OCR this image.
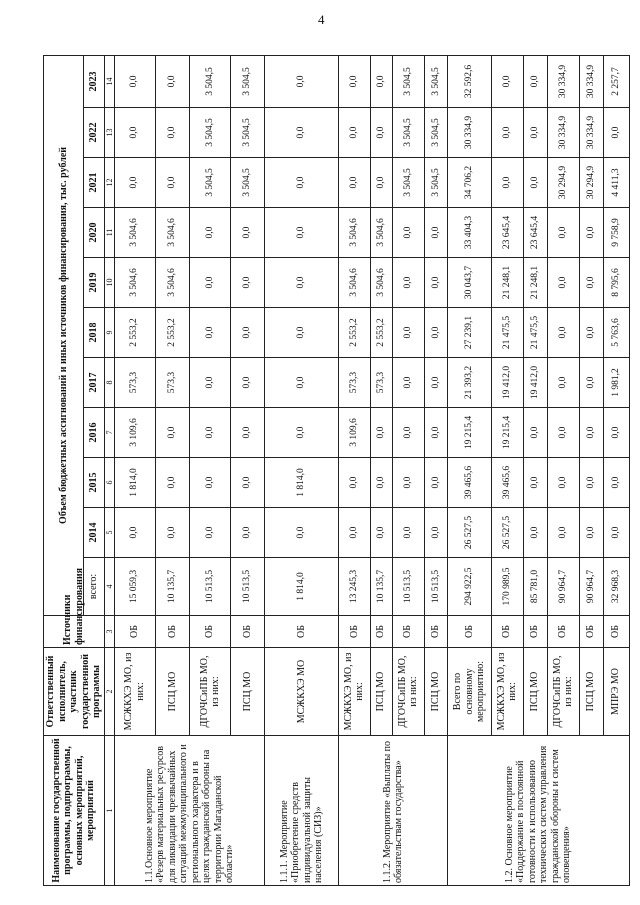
4
Наименование государственной программы, подпрограммы, основных мероприятий, мероприятий	Ответственный исполнитель, участник государственной программы	Источники финансирования	Объем бюджетных ассигнований и иных источников финансирования, тыс. рублей										
			всего:	2014	2015	2016	2017	2018	2019	2020	2021	2022	2023
1	2	3	4	5	6	7	8	9	10	11	12	13	14
1.1.Основное мероприятие «Резерв материальных ресурсов для ликвидации чрезвычайных ситуаций межмуниципального и регионального характера и в целях гражданской обороны на территории Магаданской области»	МСЖКХЭ МО, из них:	ОБ	15 059,3	0,0	1 814,0	3 109,6	573,3	2 553,2	3 504,6	3 504,6	0,0	0,0	0,0
	ПСЦ МО	ОБ	10 135,7	0,0	0,0	0,0	573,3	2 553,2	3 504,6	3 504,6	0,0	0,0	0,0
	ДГОЧСиПБ МО, из них:	ОБ	10 513,5	0,0	0,0	0,0	0,0	0,0	0,0	0,0	3 504,5	3 504,5	3 504,5
	ПСЦ МО	ОБ	10 513,5	0,0	0,0	0,0	0,0	0,0	0,0	0,0	3 504,5	3 504,5	3 504,5
1.1.1. Мероприятие «Приобретение средств индивидуальной защиты населения (СИЗ)»	МСЖКХЭ МО	ОБ	1 814,0	0,0	1 814,0	0,0	0,0	0,0	0,0	0,0	0,0	0,0	0,0
1.1.2. Мероприятие «Выплаты по обязательствам государства»	МСЖКХЭ МО, из них:	ОБ	13 245,3	0,0	0,0	3 109,6	573,3	2 553,2	3 504,6	3 504,6	0,0	0,0	0,0
	ПСЦ МО	ОБ	10 135,7	0,0	0,0	0,0	573,3	2 553,2	3 504,6	3 504,6	0,0	0,0	0,0
	ДГОЧСиПБ МО, из них:	ОБ	10 513,5	0,0	0,0	0,0	0,0	0,0	0,0	0,0	3 504,5	3 504,5	3 504,5
	ПСЦ МО	ОБ	10 513,5	0,0	0,0	0,0	0,0	0,0	0,0	0,0	3 504,5	3 504,5	3 504,5
1.2. Основное мероприятие «Поддержание в постоянной готовности к использованию технических систем управления гражданской обороны и систем оповещения»	Всего по основному мероприятию:	ОБ	294 922,5	26 527,5	39 465,6	19 215,4	21 393,2	27 239,1	30 043,7	33 404,3	34 706,2	30 334,9	32 592,6
	МСЖКХЭ МО, из них:	ОБ	170 989,5	26 527,5	39 465,6	19 215,4	19 412,0	21 475,5	21 248,1	23 645,4	0,0	0,0	0,0
	ПСЦ МО	ОБ	85 781,0	0,0	0,0	0,0	19 412,0	21 475,5	21 248,1	23 645,4	0,0	0,0	0,0
	ДГОЧСиПБ МО, из них:	ОБ	90 964,7	0,0	0,0	0,0	0,0	0,0	0,0	0,0	30 294,9	30 334,9	30 334,9
	ПСЦ МО	ОБ	90 964,7	0,0	0,0	0,0	0,0	0,0	0,0	0,0	30 294,9	30 334,9	30 334,9
	МПРЭ МО	ОБ	32 968,3	0,0	0,0	0,0	1 981,2	5 763,6	8 795,6	9 758,9	4 411,3	0,0	2 257,7
